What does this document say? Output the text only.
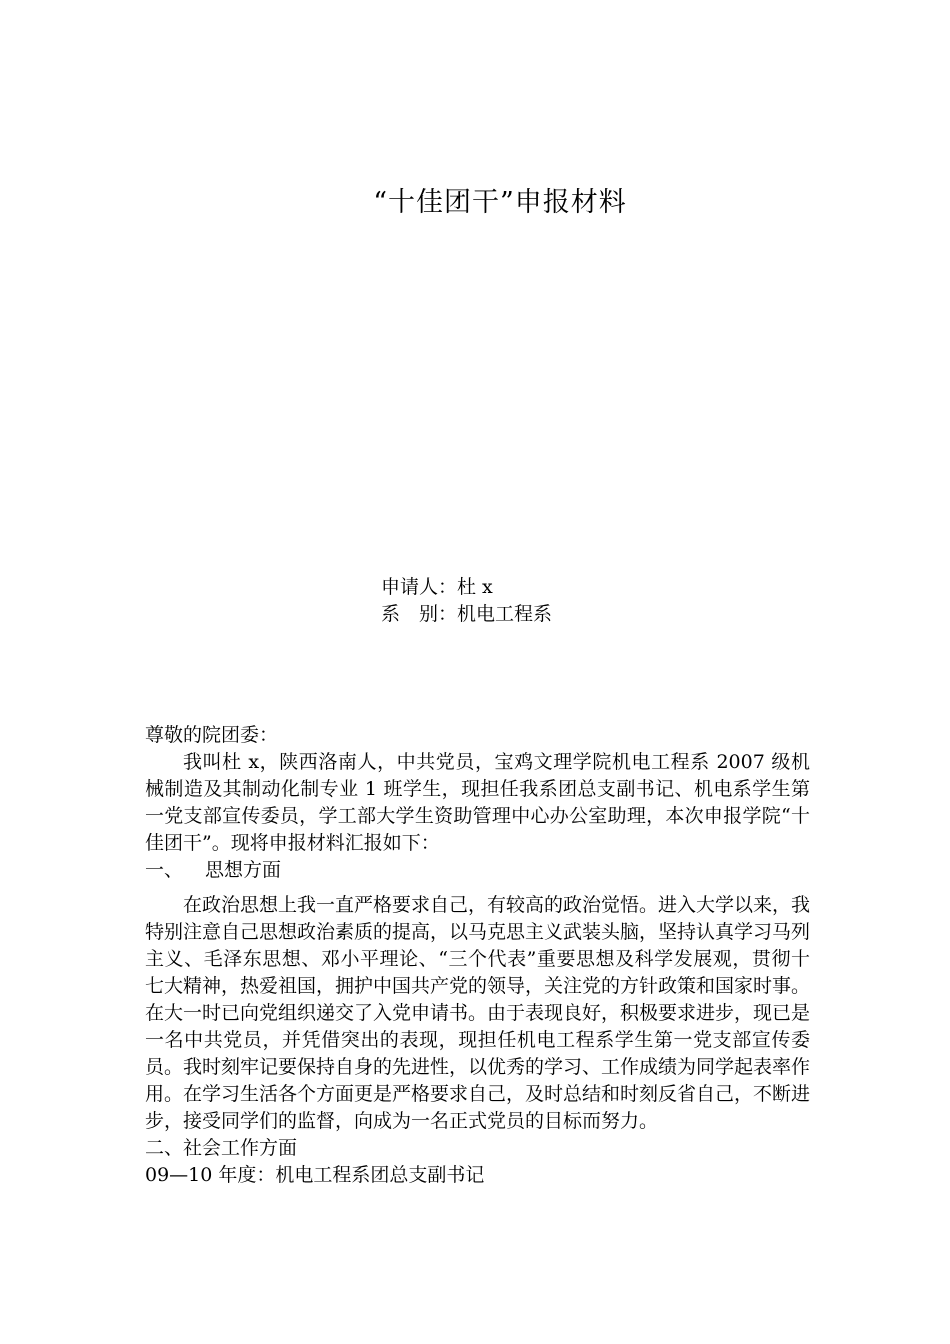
“十佳团干”申报材料
申请人：杜 x
系　别：机电工程系

尊敬的院团委：

我叫杜 x，陕西洛南人，中共党员，宝鸡文理学院机电工程系 2007 级机械制造及其制动化制专业 1 班学生，现担任我系团总支副书记、机电系学生第一党支部宣传委员，学工部大学生资助管理中心办公室助理，本次申报学院“十佳团干”。现将申报材料汇报如下：

一、 思想方面

在政治思想上我一直严格要求自己，有较高的政治觉悟。进入大学以来，我特别注意自己思想政治素质的提高，以马克思主义武装头脑，坚持认真学习马列主义、毛泽东思想、邓小平理论、“三个代表”重要思想及科学发展观，贯彻十七大精神，热爱祖国，拥护中国共产党的领导，关注党的方针政策和国家时事。在大一时已向党组织递交了入党申请书。由于表现良好，积极要求进步，现已是一名中共党员，并凭借突出的表现，现担任机电工程系学生第一党支部宣传委员。我时刻牢记要保持自身的先进性，以优秀的学习、工作成绩为同学起表率作用。在学习生活各个方面更是严格要求自己，及时总结和时刻反省自己，不断进步，接受同学们的监督，向成为一名正式党员的目标而努力。

二、社会工作方面

09—10 年度：机电工程系团总支副书记
